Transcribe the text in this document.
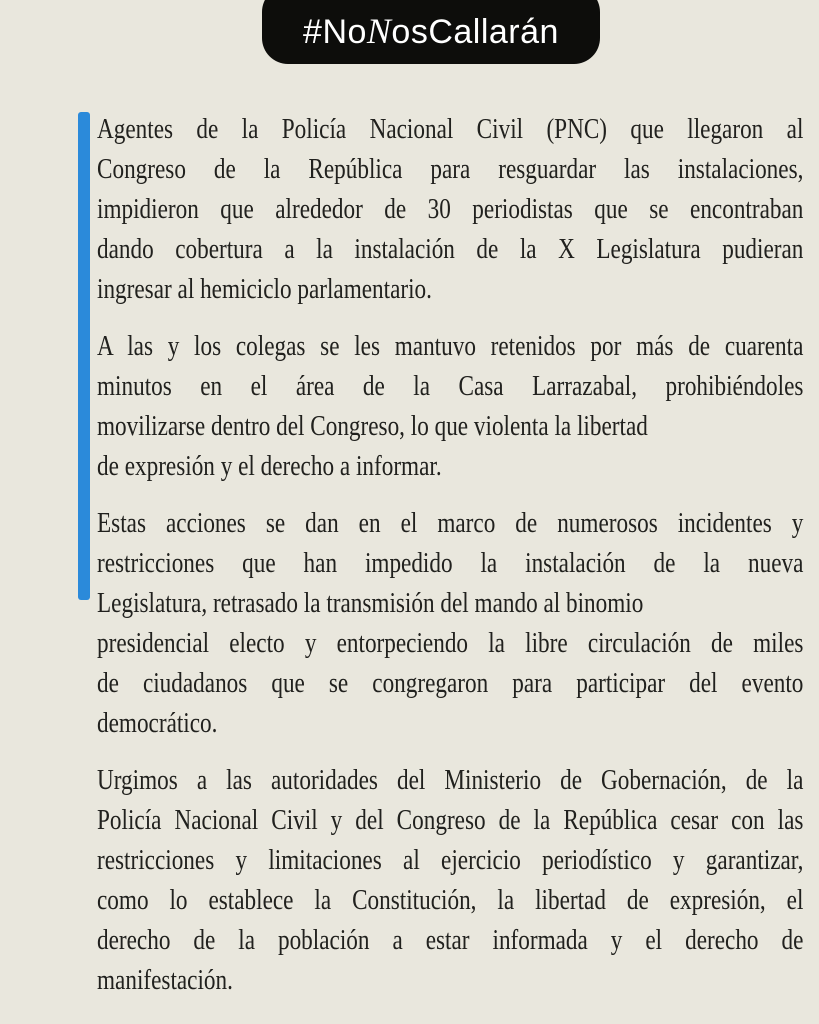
#NoNosCallarán
Agentes de la Policía Nacional Civil (PNC) que llegaron al
Congreso de la República para resguardar las instalaciones,
impidieron que alrededor de 30 periodistas que se encontraban
dando cobertura a la instalación de la X Legislatura pudieran
ingresar al hemiciclo parlamentario.
A las y los colegas se les mantuvo retenidos por más de cuarenta
minutos en el área de la Casa Larrazabal, prohibiéndoles
movilizarse dentro del Congreso, lo que violenta la libertad
de expresión y el derecho a informar.
Estas acciones se dan en el marco de numerosos incidentes y
restricciones que han impedido la instalación de la nueva
Legislatura, retrasado la transmisión del mando al binomio
presidencial electo y entorpeciendo la libre circulación de miles
de ciudadanos que se congregaron para participar del evento
democrático.
Urgimos a las autoridades del Ministerio de Gobernación, de la
Policía Nacional Civil y del Congreso de la República cesar con las
restricciones y limitaciones al ejercicio periodístico y garantizar,
como lo establece la Constitución, la libertad de expresión, el
derecho de la población a estar informada y el derecho de
manifestación.
